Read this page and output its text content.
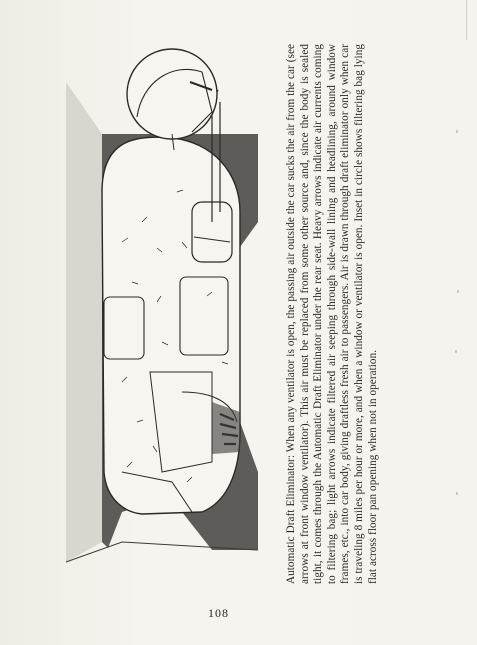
Automatic Draft Eliminator: When any ventilator is open, the passing air outside the car sucks the air from the car (see arrows at front window ventilator). This air must be replaced from some other source and, since the body is sealed tight, it comes through the Automatic Draft Eliminator under the rear seat. Heavy arrows indicate air currents coming to filtering bag; light arrows indicate filtered air seeping through side-wall lining and headlining, around window frames, etc., into car body, giving draftless fresh air to passengers. Air is drawn through draft eliminator only when car is traveling 8 miles per hour or more, and when a window or ventilator is open. Inset in circle shows filtering bag lying flat across floor pan opening when not in operation.

108
